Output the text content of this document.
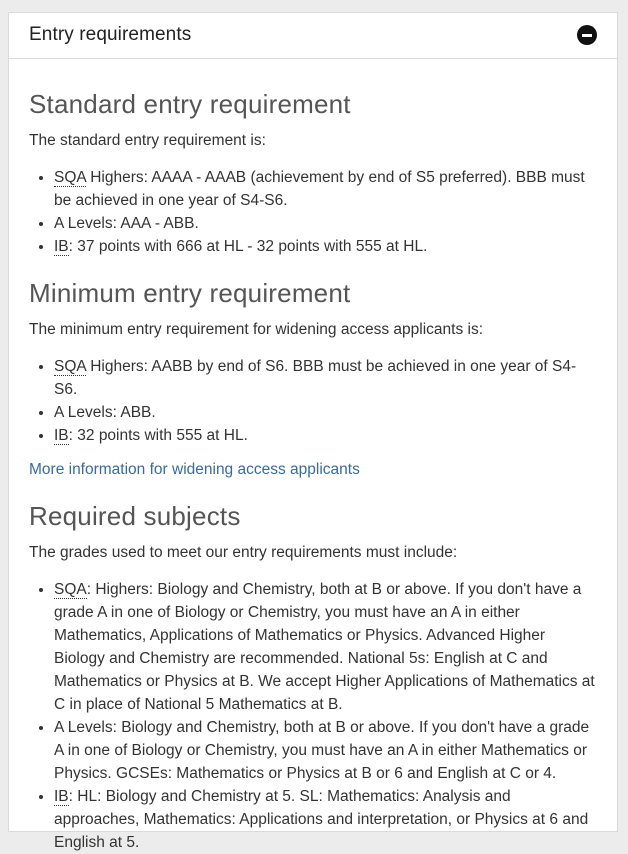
Entry requirements
Standard entry requirement

The standard entry requirement is:

• SQA Highers: AAAA - AAAB (achievement by end of S5 preferred). BBB must be achieved in one year of S4-S6.
• A Levels: AAA - ABB.
• IB: 37 points with 666 at HL - 32 points with 555 at HL.
Minimum entry requirement

The minimum entry requirement for widening access applicants is:

• SQA Highers: AABB by end of S6. BBB must be achieved in one year of S4-S6.
• A Levels: ABB.
• IB: 32 points with 555 at HL.
More information for widening access applicants
Required subjects

The grades used to meet our entry requirements must include:

• SQA: Highers: Biology and Chemistry, both at B or above. If you don't have a grade A in one of Biology or Chemistry, you must have an A in either Mathematics, Applications of Mathematics or Physics. Advanced Higher Biology and Chemistry are recommended. National 5s: English at C and Mathematics or Physics at B. We accept Higher Applications of Mathematics at C in place of National 5 Mathematics at B.
• A Levels: Biology and Chemistry, both at B or above. If you don't have a grade A in one of Biology or Chemistry, you must have an A in either Mathematics or Physics. GCSEs: Mathematics or Physics at B or 6 and English at C or 4.
• IB: HL: Biology and Chemistry at 5. SL: Mathematics: Analysis and approaches, Mathematics: Applications and interpretation, or Physics at 6 and English at 5.
